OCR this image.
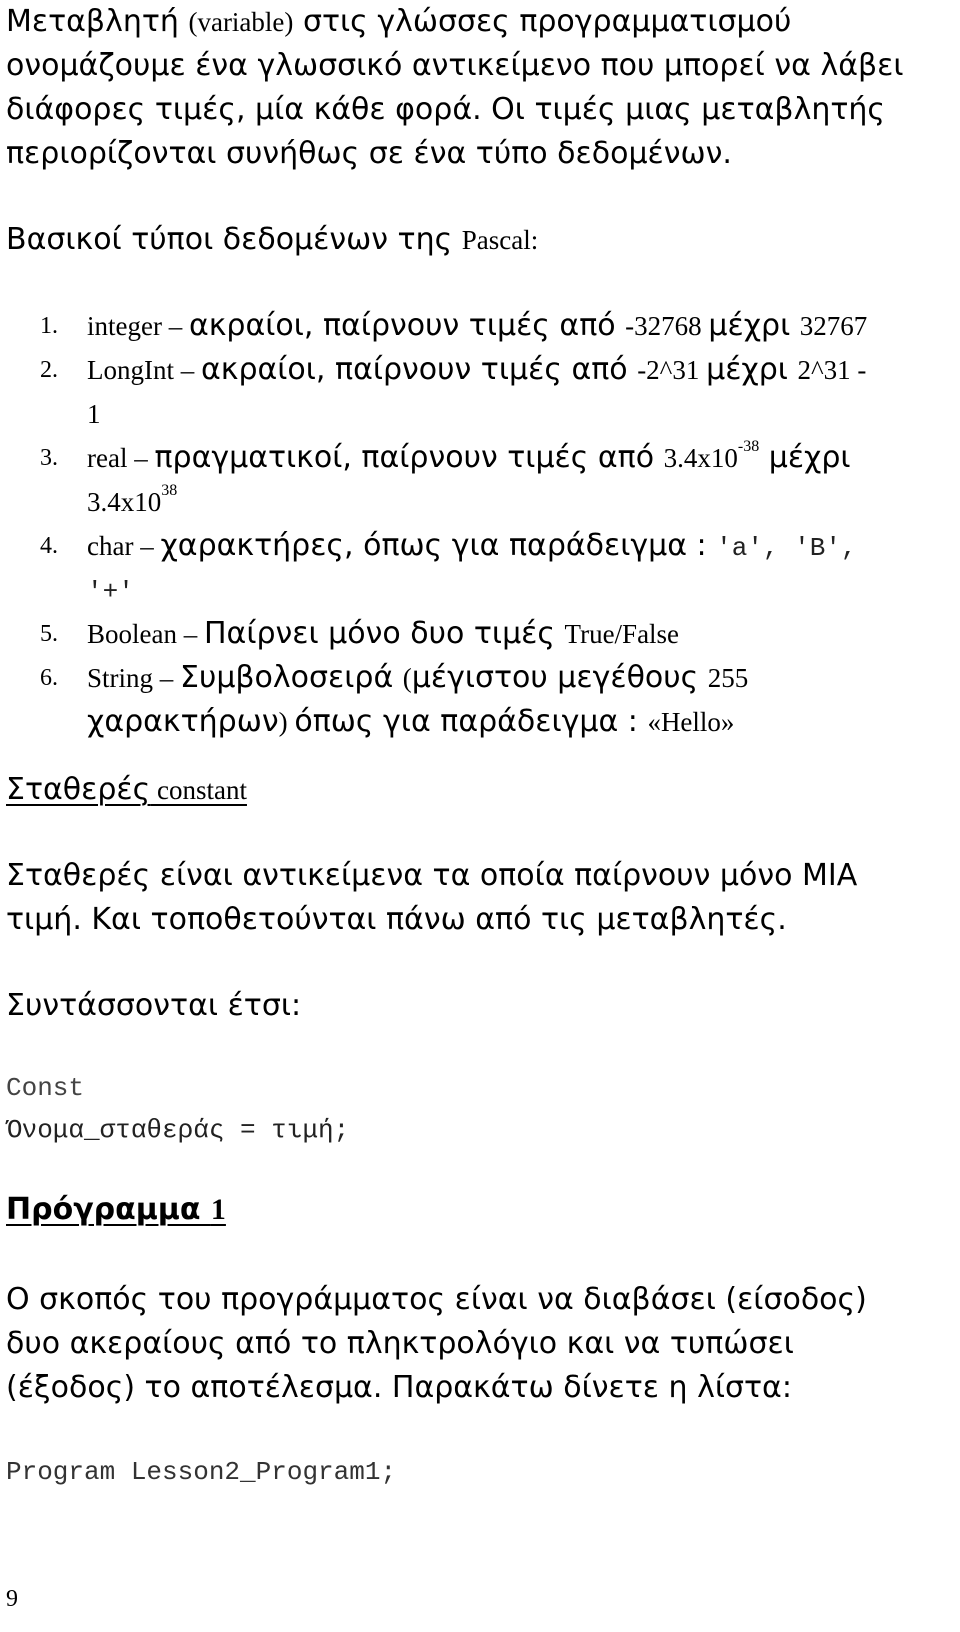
Μεταβλητή (variable) στις γλώσσες προγραμματισμού
ονομάζουμε ένα γλωσσικό αντικείμενο που μπορεί να λάβει
διάφορες τιμές, μία κάθε φορά. Οι τιμές μιας μεταβλητής
περιορίζονται συνήθως σε ένα τύπο δεδομένων.
Βασικοί τύποι δεδομένων της Pascal:
1. integer – ακραίοι, παίρνουν τιμές από -32768 μέχρι 32767
2. LongInt – ακραίοι, παίρνουν τιμές από -2^31 μέχρι 2^31 -
1
3. real – πραγματικοί, παίρνουν τιμές από $3.4x10^{-38}$ μέχρι
$3.4x10^{38}$
4. char – χαρακτήρες, όπως για παράδειγμα : 'a', 'B',
'+'
5. Boolean – Παίρνει μόνο δυο τιμές True/False
6. String – Συμβολοσειρά (μέγιστου μεγέθους 255
χαρακτήρων) όπως για παράδειγμα : «Hello»
Σταθερές constant
Σταθερές είναι αντικείμενα τα οποία παίρνουν μόνο ΜΙΑ
τιμή. Και τοποθετούνται πάνω από τις μεταβλητές.
Συντάσσονται έτσι:
Const
Όνομα_σταθεράς = τιμή;
Πρόγραμμα 1
Ο σκοπός του προγράμματος είναι να διαβάσει (είσοδος)
δυο ακεραίους από το πληκτρολόγιο και να τυπώσει
(έξοδος) το αποτέλεσμα. Παρακάτω δίνετε η λίστα:
Program Lesson2_Program1;
9
